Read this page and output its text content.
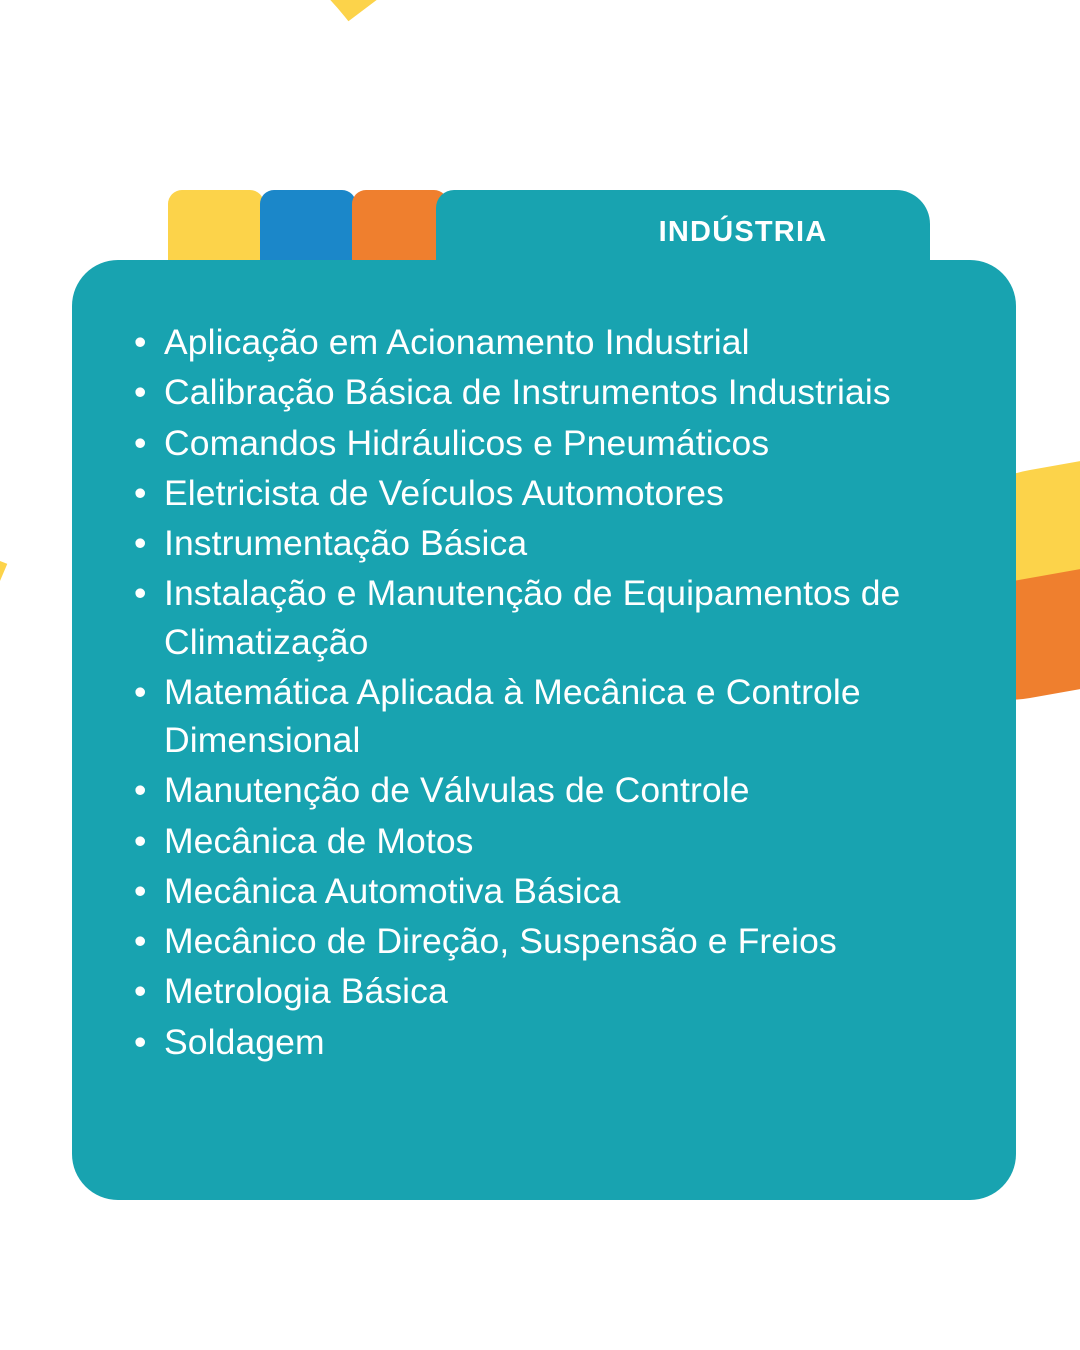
INDÚSTRIA
• Aplicação em Acionamento Industrial
• Calibração Básica de Instrumentos Industriais
• Comandos Hidráulicos e Pneumáticos
• Eletricista de Veículos Automotores
• Instrumentação Básica
• Instalação e Manutenção de Equipamentos de Climatização
• Matemática Aplicada à Mecânica e Controle Dimensional
• Manutenção de Válvulas de Controle
• Mecânica de Motos
• Mecânica Automotiva Básica
• Mecânico de Direção, Suspensão e Freios
• Metrologia Básica
• Soldagem
